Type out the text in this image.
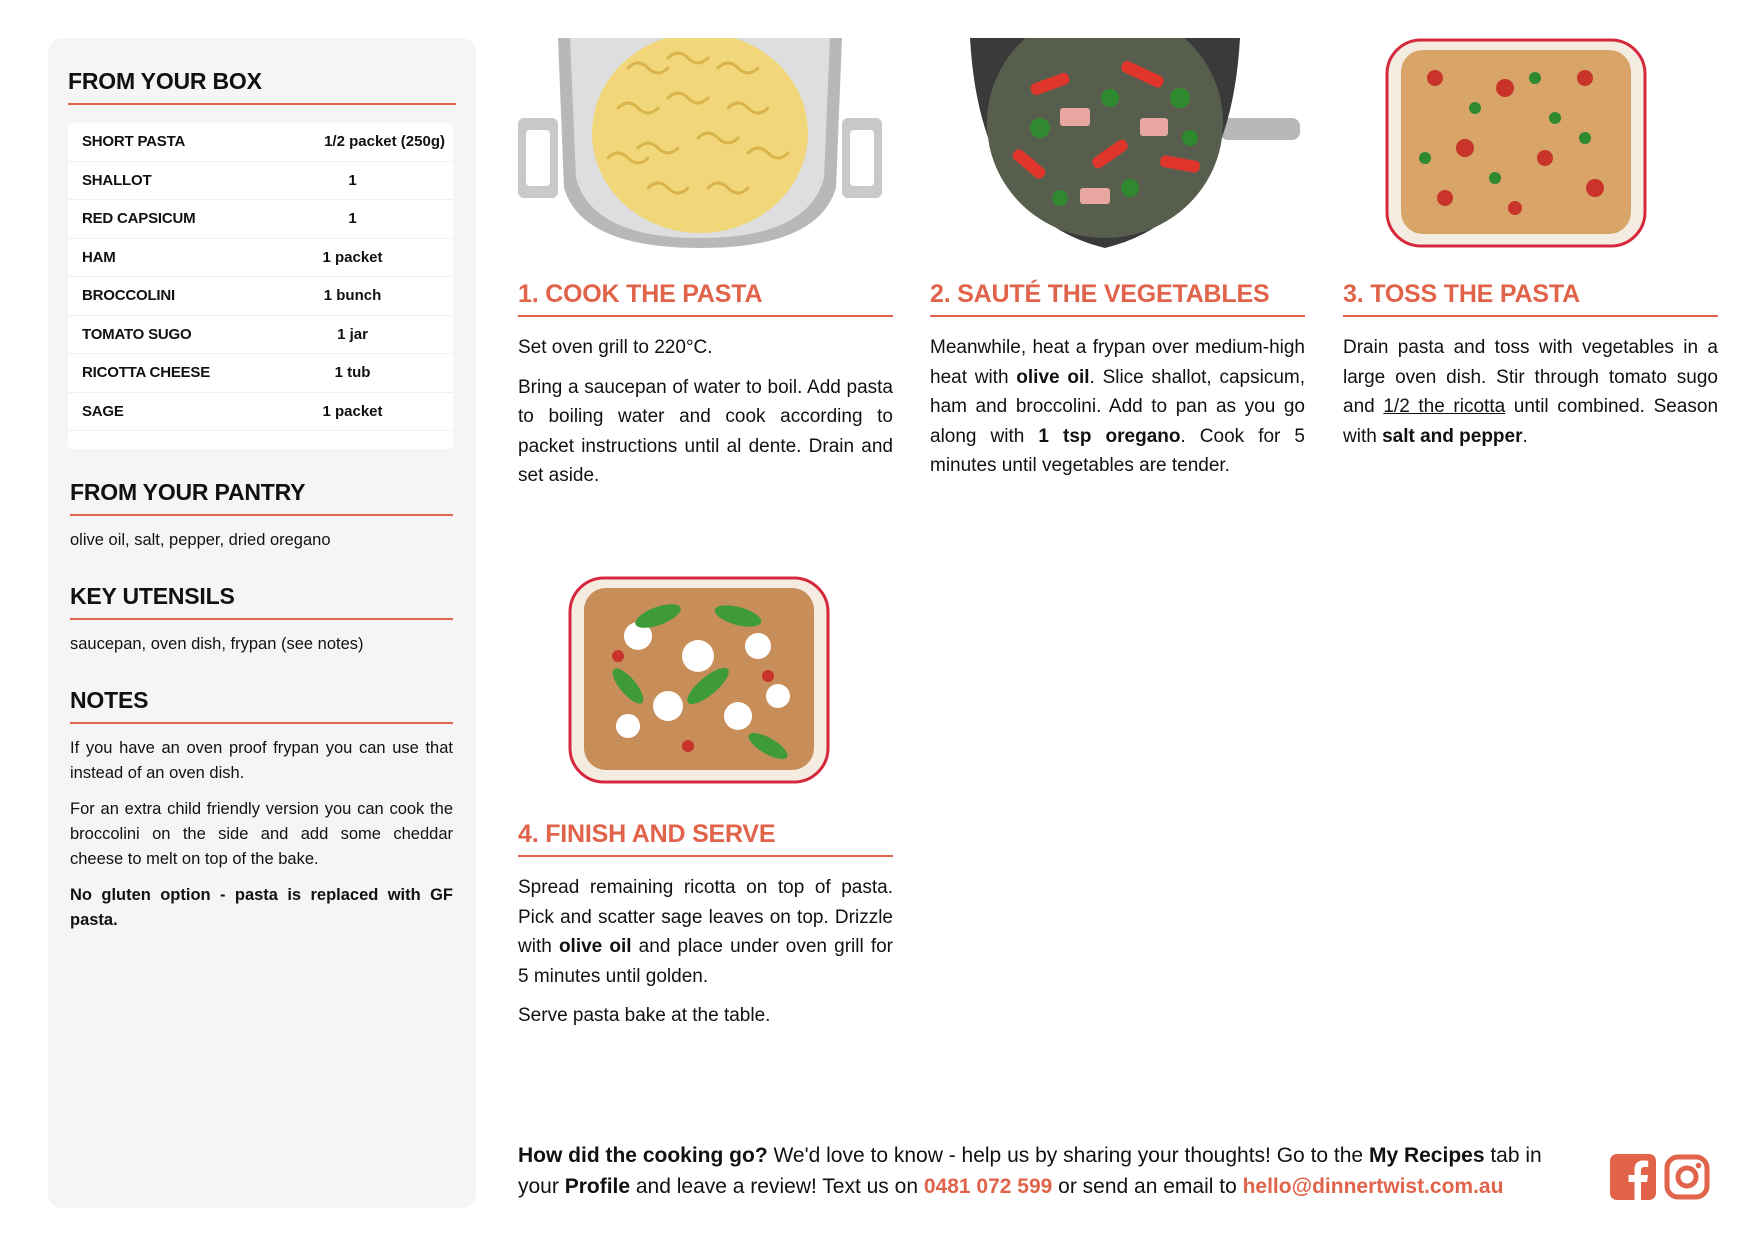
FROM YOUR BOX
SHORT PASTA	1/2 packet (250g)
SHALLOT	1
RED CAPSICUM	1
HAM	1 packet
BROCCOLINI	1 bunch
TOMATO SUGO	1 jar
RICOTTA CHEESE	1 tub
SAGE	1 packet
FROM YOUR PANTRY
olive oil, salt, pepper, dried oregano
KEY UTENSILS
saucepan, oven dish, frypan (see notes)
NOTES

If you have an oven proof frypan you can use that instead of an oven dish.

For an extra child friendly version you can cook the broccolini on the side and add some cheddar cheese to melt on top of the bake.

No gluten option - pasta is replaced with GF pasta.

1. COOK THE PASTA

Set oven grill to 220°C.

Bring a saucepan of water to boil. Add pasta to boiling water and cook according to packet instructions until al dente. Drain and set aside.

2. SAUTÉ THE VEGETABLES

Meanwhile, heat a frypan over medium-high heat with olive oil. Slice shallot, capsicum, ham and broccolini. Add to pan as you go along with 1 tsp oregano. Cook for 5 minutes until vegetables are tender.

3. TOSS THE PASTA

Drain pasta and toss with vegetables in a large oven dish. Stir through tomato sugo and 1/2 the ricotta until combined. Season with salt and pepper.

4. FINISH AND SERVE

Spread remaining ricotta on top of pasta. Pick and scatter sage leaves on top. Drizzle with olive oil and place under oven grill for 5 minutes until golden.

Serve pasta bake at the table.

How did the cooking go? We'd love to know - help us by sharing your thoughts! Go to the My Recipes tab in your Profile and leave a review! Text us on 0481 072 599 or send an email to hello@dinnertwist.com.au
